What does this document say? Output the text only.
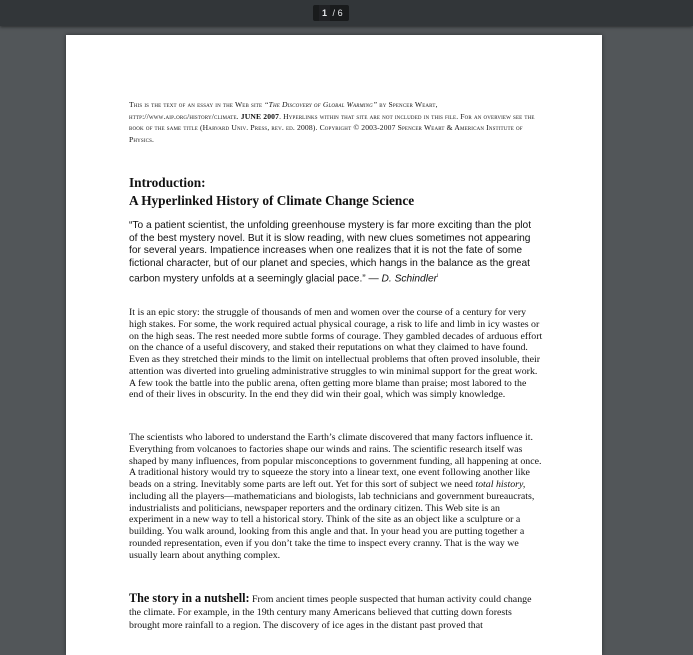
1 / 6
This is the text of an essay in the Web site “The Discovery of Global Warming” by Spencer Weart, http://www.aip.org/history/climate. JUNE 2007. Hyperlinks within that site are not included in this file. For an overview see the book of the same title (Harvard Univ. Press, rev. ed. 2008). Copyright © 2003-2007 Spencer Weart & American Institute of Physics.
Introduction:
A Hyperlinked History of Climate Change Science
“To a patient scientist, the unfolding greenhouse mystery is far more exciting than the plot of the best mystery novel. But it is slow reading, with new clues sometimes not appearing for several years. Impatience increases when one realizes that it is not the fate of some fictional character, but of our planet and species, which hangs in the balance as the great carbon mystery unfolds at a seemingly glacial pace.” — D. Schindler$^i$
It is an epic story: the struggle of thousands of men and women over the course of a century for very high stakes. For some, the work required actual physical courage, a risk to life and limb in icy wastes or on the high seas. The rest needed more subtle forms of courage. They gambled decades of arduous effort on the chance of a useful discovery, and staked their reputations on what they claimed to have found. Even as they stretched their minds to the limit on intellectual problems that often proved insoluble, their attention was diverted into grueling administrative struggles to win minimal support for the great work. A few took the battle into the public arena, often getting more blame than praise; most labored to the end of their lives in obscurity. In the end they did win their goal, which was simply knowledge.
The scientists who labored to understand the Earth’s climate discovered that many factors influence it. Everything from volcanoes to factories shape our winds and rains. The scientific research itself was shaped by many influences, from popular misconceptions to government funding, all happening at once. A traditional history would try to squeeze the story into a linear text, one event following another like beads on a string. Inevitably some parts are left out. Yet for this sort of subject we need total history, including all the players—mathematicians and biologists, lab technicians and government bureaucrats, industrialists and politicians, newspaper reporters and the ordinary citizen. This Web site is an experiment in a new way to tell a historical story. Think of the site as an object like a sculpture or a building. You walk around, looking from this angle and that. In your head you are putting together a rounded representation, even if you don’t take the time to inspect every cranny. That is the way we usually learn about anything complex.
The story in a nutshell: From ancient times people suspected that human activity could change the climate. For example, in the 19th century many Americans believed that cutting down forests brought more rainfall to a region. The discovery of ice ages in the distant past proved that
